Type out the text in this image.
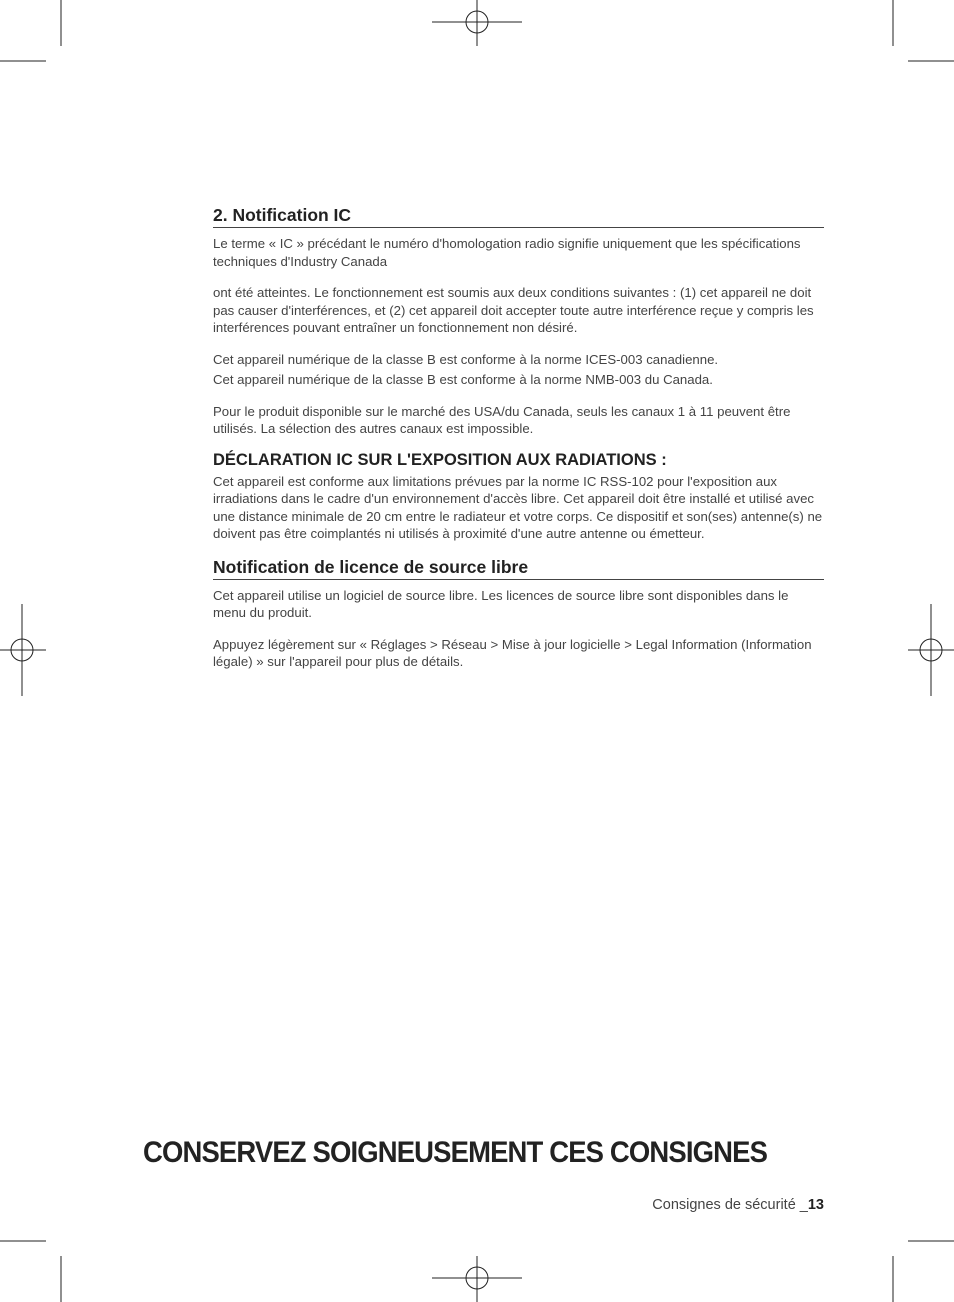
2. Notification IC

Le terme « IC » précédant le numéro d'homologation radio signifie uniquement que les spécifications techniques d'Industry Canada

ont été atteintes. Le fonctionnement est soumis aux deux conditions suivantes : (1) cet appareil ne doit pas causer d'interférences, et (2) cet appareil doit accepter toute autre interférence reçue y compris les interférences pouvant entraîner un fonctionnement non désiré.

Cet appareil numérique de la classe B est conforme à la norme ICES-003 canadienne.

Cet appareil numérique de la classe B est conforme à la norme NMB-003 du Canada.

Pour le produit disponible sur le marché des USA/du Canada, seuls les canaux 1 à 11 peuvent être utilisés. La sélection des autres canaux est impossible.

DÉCLARATION IC SUR L'EXPOSITION AUX RADIATIONS :

Cet appareil est conforme aux limitations prévues par la norme IC RSS-102 pour l'exposition aux irradiations dans le cadre d'un environnement d'accès libre. Cet appareil doit être installé et utilisé avec une distance minimale de 20 cm entre le radiateur et votre corps. Ce dispositif et son(ses) antenne(s) ne doivent pas être coimplantés ni utilisés à proximité d'une autre antenne ou émetteur.

Notification de licence de source libre

Cet appareil utilise un logiciel de source libre. Les licences de source libre sont disponibles dans le menu du produit.

Appuyez légèrement sur « Réglages > Réseau > Mise à jour logicielle > Legal Information (Information légale) » sur l'appareil pour plus de détails.

CONSERVEZ SOIGNEUSEMENT CES CONSIGNES
Consignes de sécurité _13
